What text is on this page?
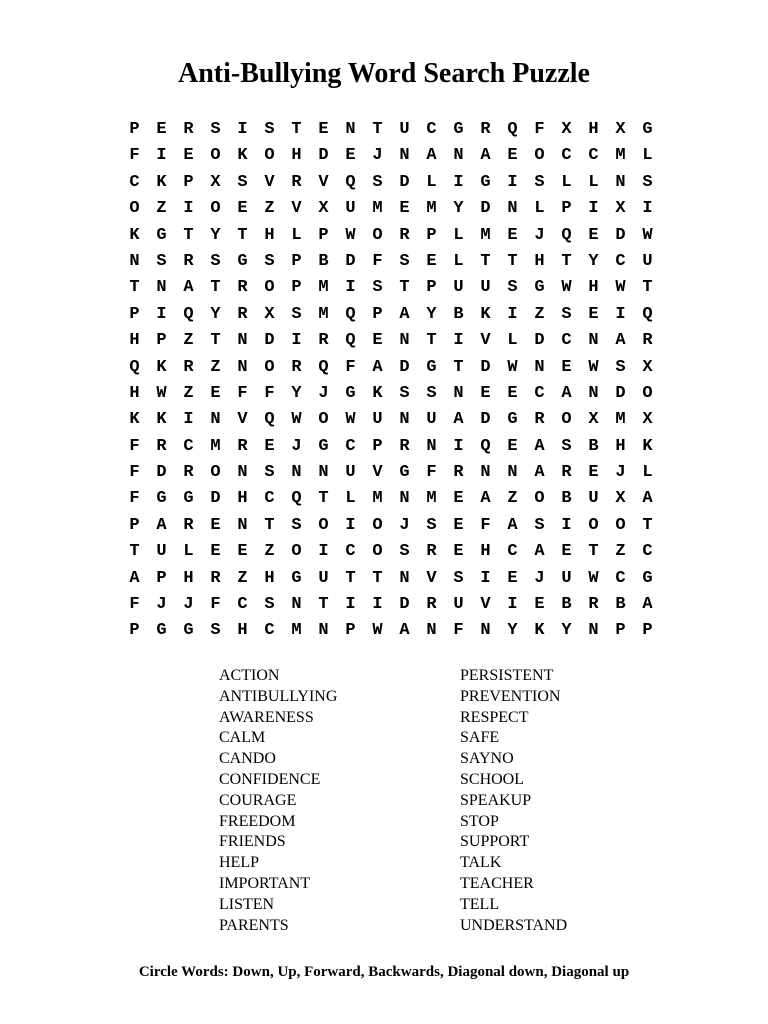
Anti-Bullying Word Search Puzzle
P E R S I S T E N T U C G R Q F X H X G
F I E O K O H D E J N A N A E O C C M L
C K P X S V R V Q S D L I G I S L L N S
O Z I O E Z V X U M E M Y D N L P I X I
K G T Y T H L P W O R P L M E J Q E D W
N S R S G S P B D F S E L T T H T Y C U
T N A T R O P M I S T P U U S G W H W T
P I Q Y R X S M Q P A Y B K I Z S E I Q
H P Z T N D I R Q E N T I V L D C N A R
Q K R Z N O R Q F A D G T D W N E W S X
H W Z E F F Y J G K S S N E E C A N D O
K K I N V Q W O W U N U A D G R O X M X
F R C M R E J G C P R N I Q E A S B H K
F D R O N S N N U V G F R N N A R E J L
F G G D H C Q T L M N M E A Z O B U X A
P A R E N T S O I O J S E F A S I O O T
T U L E E Z O I C O S R E H C A E T Z C
A P H R Z H G U T T N V S I E J U W C G
F J J F C S N T I I D R U V I E B R B A
P G G S H C M N P W A N F N Y K Y N P P
ACTION
ANTIBULLYING
AWARENESS
CALM
CANDO
CONFIDENCE
COURAGE
FREEDOM
FRIENDS
HELP
IMPORTANT
LISTEN
PARENTS
PERSISTENT
PREVENTION
RESPECT
SAFE
SAYNO
SCHOOL
SPEAKUP
STOP
SUPPORT
TALK
TEACHER
TELL
UNDERSTAND
Circle Words: Down, Up, Forward, Backwards, Diagonal down, Diagonal up
